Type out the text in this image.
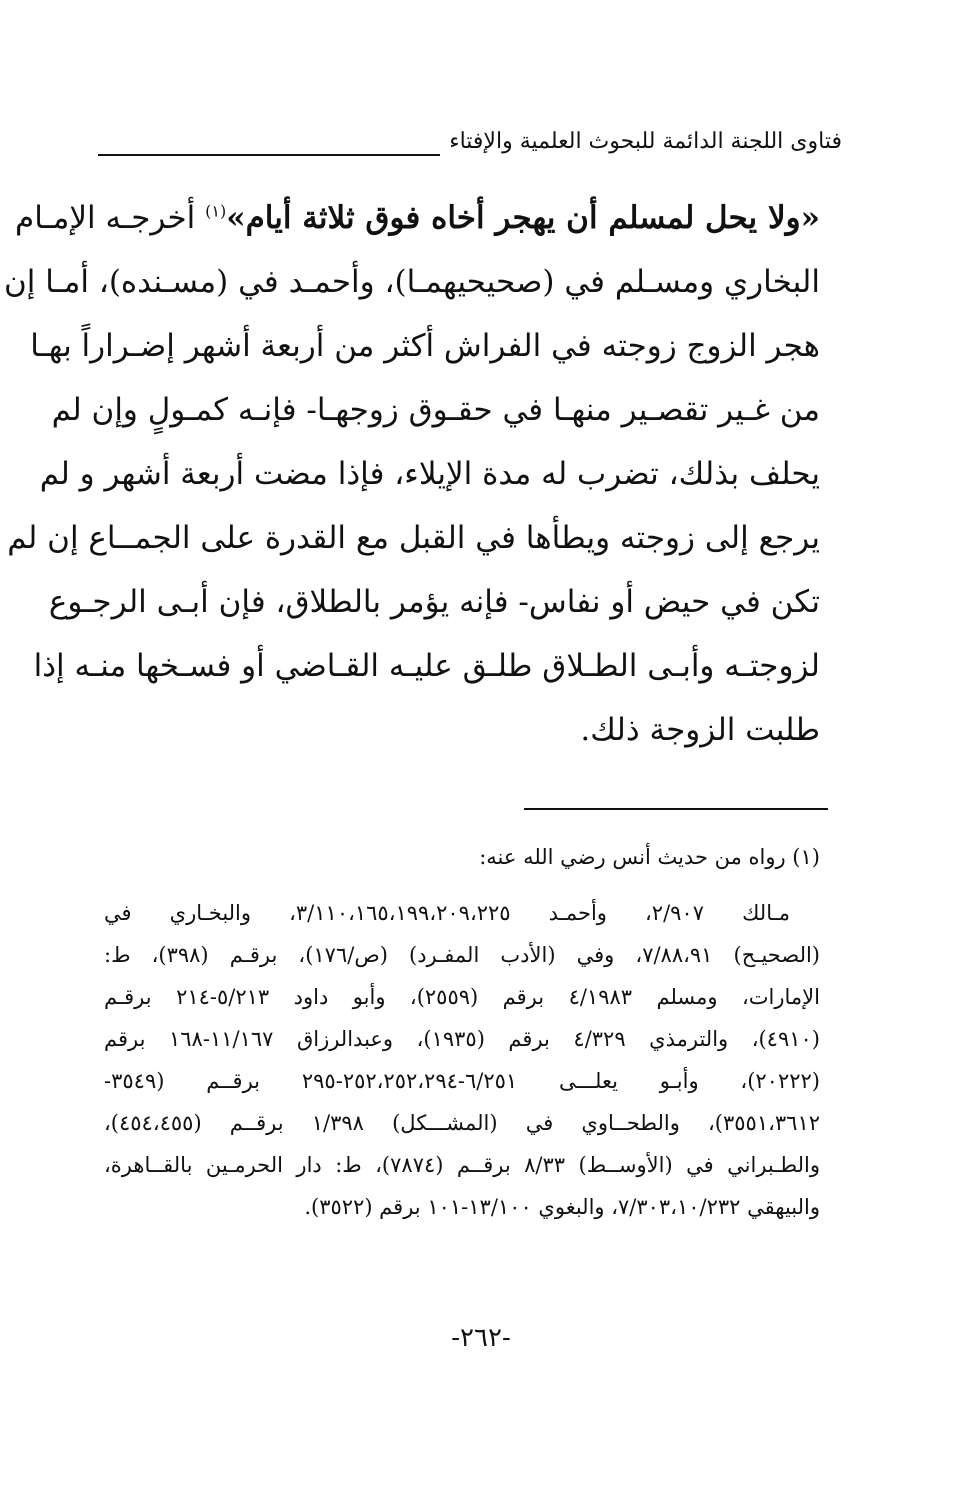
فتاوى اللجنة الدائمة للبحوث العلمية والإفتاء
«ولا يحل لمسلم أن يهجر أخاه فوق ثلاثة أيام»$^{(١)}$ أخرجـه الإمـام
البخاري ومسـلم في (صحيحيهمـا)، وأحمـد في (مسـنده)، أمـا إن
هجر الزوج زوجته في الفراش أكثر من أربعة أشهر إضـراراً بهـا
من غـير تقصـير منهـا في حقـوق زوجهـا- فإنـه كمـولٍ وإن لم
يحلف بذلك، تضرب له مدة الإيلاء، فإذا مضت أربعة أشهر و لم
يرجع إلى زوجته ويطأها في القبل مع القدرة على الجمــاع إن لم
تكن في حيض أو نفاس- فإنه يؤمر بالطلاق، فإن أبـى الرجـوع
لزوجتـه وأبـى الطـلاق طلـق عليـه القـاضي أو فسـخها منـه إذا
طلبت الزوجة ذلك.
(١) رواه من حديث أنس رضي الله عنه:
مـالك ٢/٩٠٧، وأحمـد ٣/١١٠،١٦٥،١٩٩،٢٠٩،٢٢٥، والبخـاري في
(الصحيـح) ٧/٨٨،٩١، وفي (الأدب المفـرد) (ص/١٧٦)، برقـم (٣٩٨)، ط:
الإمارات، ومسلم ٤/١٩٨٣ برقم (٢٥٥٩)، وأبو داود ٥/٢١٣-٢١٤ برقـم
(٤٩١٠)، والترمذي ٤/٣٢٩ برقم (١٩٣٥)، وعبدالرزاق ١١/١٦٧-١٦٨ برقم
(٢٠٢٢٢)، وأبـو يعلـــى ٦/٢٥١-٢٥٢،٢٥٢،٢٩٤-٢٩٥ برقــم (٣٥٤٩-
٣٥٥١،٣٦١٢)، والطحــاوي في (المشـــكل) ١/٣٩٨ برقــم (٤٥٤،٤٥٥)،
والطـبراني في (الأوســط) ٨/٣٣ برقــم (٧٨٧٤)، ط: دار الحرمـين بالقــاهرة،
والبيهقي ٧/٣٠٣،١٠/٢٣٢، والبغوي ١٣/١٠٠-١٠١ برقم (٣٥٢٢).
-٢٦٢-
